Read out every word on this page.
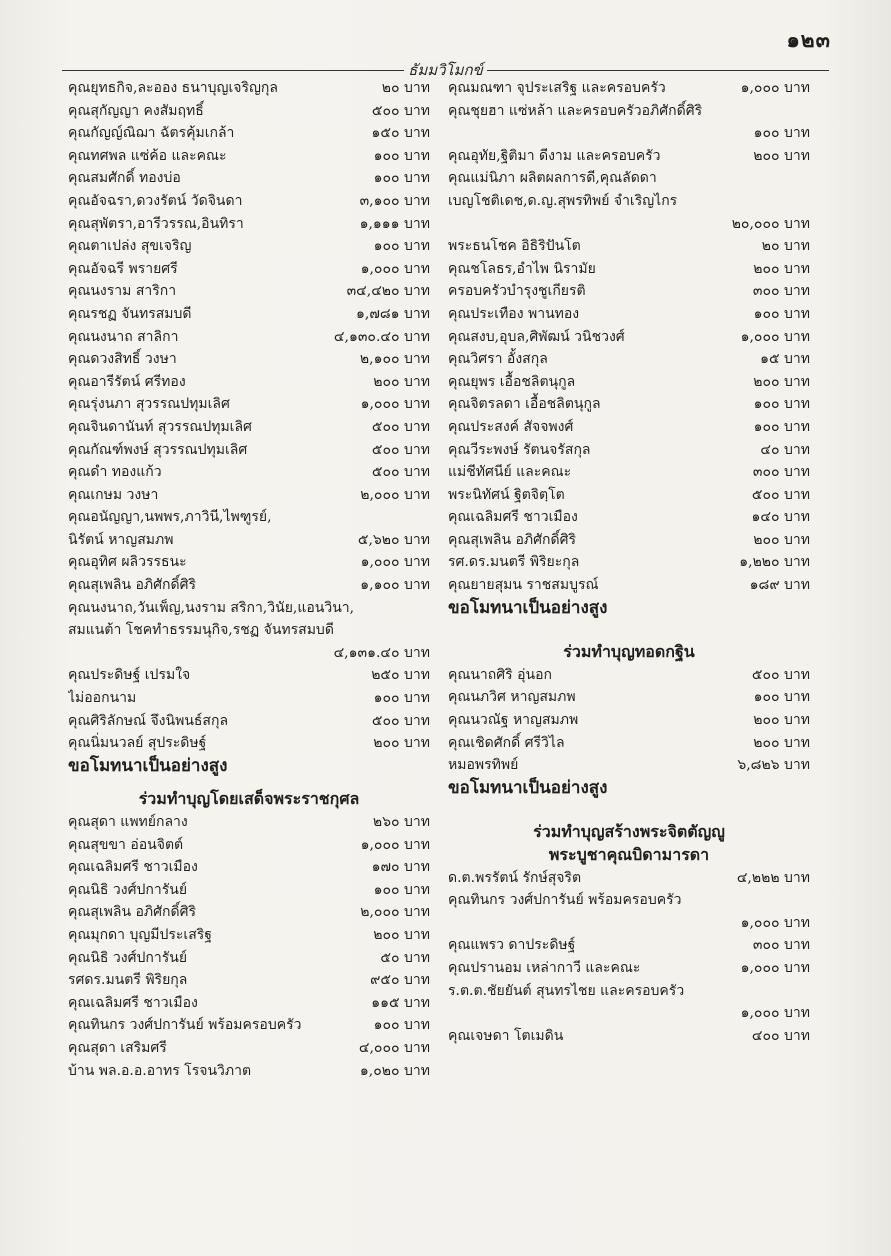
๑๒๓
ธัมมวิโมกข์
คุณยุทธกิจ,ละออง ธนาบุญเจริญกุล	๒๐ บาท
คุณสุกัญญา คงสัมฤทธิ์	๕๐๐ บาท
คุณกัญญ์ณิฌา ฉัตรคุ้มเกล้า	๑๕๐ บาท
คุณทศพล แซ่ค้อ และคณะ	๑๐๐ บาท
คุณสมศักดิ์ ทองบ่อ	๑๐๐ บาท
คุณอัจฉรา,ดวงรัตน์ วัดจินดา	๓,๑๐๐ บาท
คุณสุพัตรา,อารีวรรณ,อินทิรา	๑,๑๑๑ บาท
คุณตาเปล่ง สุขเจริญ	๑๐๐ บาท
คุณอัจฉรี พรายศรี	๑,๐๐๐ บาท
คุณนงราม สาริกา	๓๔,๔๒๐ บาท
คุณรชฏ จันทรสมบดี	๑,๗๘๑ บาท
คุณนงนาถ สาลิกา	๔,๑๓๐.๔๐ บาท
คุณดวงสิทธิ์ วงษา	๒,๑๐๐ บาท
คุณอารีรัตน์ ศรีทอง	๒๐๐ บาท
คุณรุ่งนภา สุวรรณปทุมเลิศ	๑,๐๐๐ บาท
คุณจินดานันท์ สุวรรณปทุมเลิศ	๕๐๐ บาท
คุณกัณฑ์พงษ์ สุวรรณปทุมเลิศ	๕๐๐ บาท
คุณดำ ทองแก้ว	๕๐๐ บาท
คุณเกษม วงษา	๒,๐๐๐ บาท
คุณอนัญญา,นพพร,ภาวินี,ไพฑูรย์,
นิรัตน์ หาญสมภพ	๕,๖๒๐ บาท
คุณอุทิศ ผลิวรรธนะ	๑,๐๐๐ บาท
คุณสุเพลิน อภิศักดิ์ศิริ	๑,๑๐๐ บาท
คุณนงนาถ,วันเพ็ญ,นงราม สริกา,วินัย,แอนวินา,
สมแนต้า โชคทำธรรมนุกิจ,รชฏ จันทรสมบดี
๔,๑๓๑.๔๐ บาท
คุณประดิษฐ์ เปรมใจ	๒๕๐ บาท
ไม่ออกนาม	๑๐๐ บาท
คุณศิริลักษณ์ จึงนิพนธ์สกุล	๕๐๐ บาท
คุณนิ่มนวลย์ สุประดิษฐ์	๒๐๐ บาท
ขอโมทนาเป็นอย่างสูง
ร่วมทำบุญโดยเสด็จพระราชกุศล
คุณสุดา แพทย์กลาง	๒๖๐ บาท
คุณสุขขา อ่อนจิตต์	๑,๐๐๐ บาท
คุณเฉลิมศรี ชาวเมือง	๑๗๐ บาท
คุณนิธิ วงศ์ปการันย์	๑๐๐ บาท
คุณสุเพลิน อภิศักดิ์ศิริ	๒,๐๐๐ บาท
คุณมุกดา บุญมีประเสริฐ	๒๐๐ บาท
คุณนิธิ วงศ์ปการันย์	๕๐ บาท
รศดร.มนตรี พิริยกุล	๙๕๐ บาท
คุณเฉลิมศรี ชาวเมือง	๑๑๕ บาท
คุณทินกร วงศ์ปการันย์ พร้อมครอบครัว	๑๐๐ บาท
คุณสุดา เสริมศรี	๔,๐๐๐ บาท
บ้าน พล.อ.อ.อาทร โรจนวิภาต	๑,๐๒๐ บาท
คุณมณฑา จุประเสริฐ และครอบครัว	๑,๐๐๐ บาท
คุณชุยฮา แซ่หล้า และครอบครัวอภิศักดิ์ศิริ
๑๐๐ บาท
คุณอุทัย,ฐิติมา ดีงาม และครอบครัว	๒๐๐ บาท
คุณแม่นิภา ผลิตผลการดี,คุณลัดดา
เบญโชติเดช,ด.ญ.สุพรทิพย์ จำเริญไกร
๒๐,๐๐๐ บาท
พระธนโชค อิธิริปันโต	๒๐ บาท
คุณชโลธร,อำไพ นิรามัย	๒๐๐ บาท
ครอบครัวบำรุงชูเกียรติ	๓๐๐ บาท
คุณประเทือง พานทอง	๑๐๐ บาท
คุณสงบ,อุบล,ศิพัฒน์ วนิชวงศ์	๑,๐๐๐ บาท
คุณวิศรา อั้งสกุล	๑๕ บาท
คุณยุพร เอื้อชลิตนุกูล	๒๐๐ บาท
คุณจิตรลดา เอื้อชลิตนุกูล	๑๐๐ บาท
คุณประสงค์ สัจจพงศ์	๑๐๐ บาท
คุณวีระพงษ์ รัตนจรัสกุล	๔๐ บาท
แม่ชีทัศนีย์ และคณะ	๓๐๐ บาท
พระนิทัศน์ ฐิตจิตฺโต	๕๐๐ บาท
คุณเฉลิมศรี ชาวเมือง	๑๔๐ บาท
คุณสุเพลิน อภิศักดิ์ศิริ	๒๐๐ บาท
รศ.ดร.มนตรี พิริยะกุล	๑,๒๒๐ บาท
คุณยายสุมน ราชสมบูรณ์	๑๘๙ บาท
ขอโมทนาเป็นอย่างสูง
ร่วมทำบุญทอดกฐิน
คุณนาถศิริ อุ่นอก	๕๐๐ บาท
คุณนภวิศ หาญสมภพ	๑๐๐ บาท
คุณนวณัฐ หาญสมภพ	๒๐๐ บาท
คุณเชิดศักดิ์ ศรีวิไล	๒๐๐ บาท
หมอพรทิพย์	๖,๘๒๖ บาท
ขอโมทนาเป็นอย่างสูง
ร่วมทำบุญสร้างพระจิตตัญญู
พระบูชาคุณบิดามารดา
ด.ต.พรรัตน์ รักษ์สุจริต	๔,๒๒๒ บาท
คุณทินกร วงศ์ปการันย์ พร้อมครอบครัว
๑,๐๐๐ บาท
คุณแพรว ดาประดิษฐ์	๓๐๐ บาท
คุณปรานอม เหล่ากาวี และคณะ	๑,๐๐๐ บาท
ร.ต.ต.ชัยยันต์ สุนทรไชย และครอบครัว
๑,๐๐๐ บาท
คุณเจษดา โตเมดิน	๔๐๐ บาท
